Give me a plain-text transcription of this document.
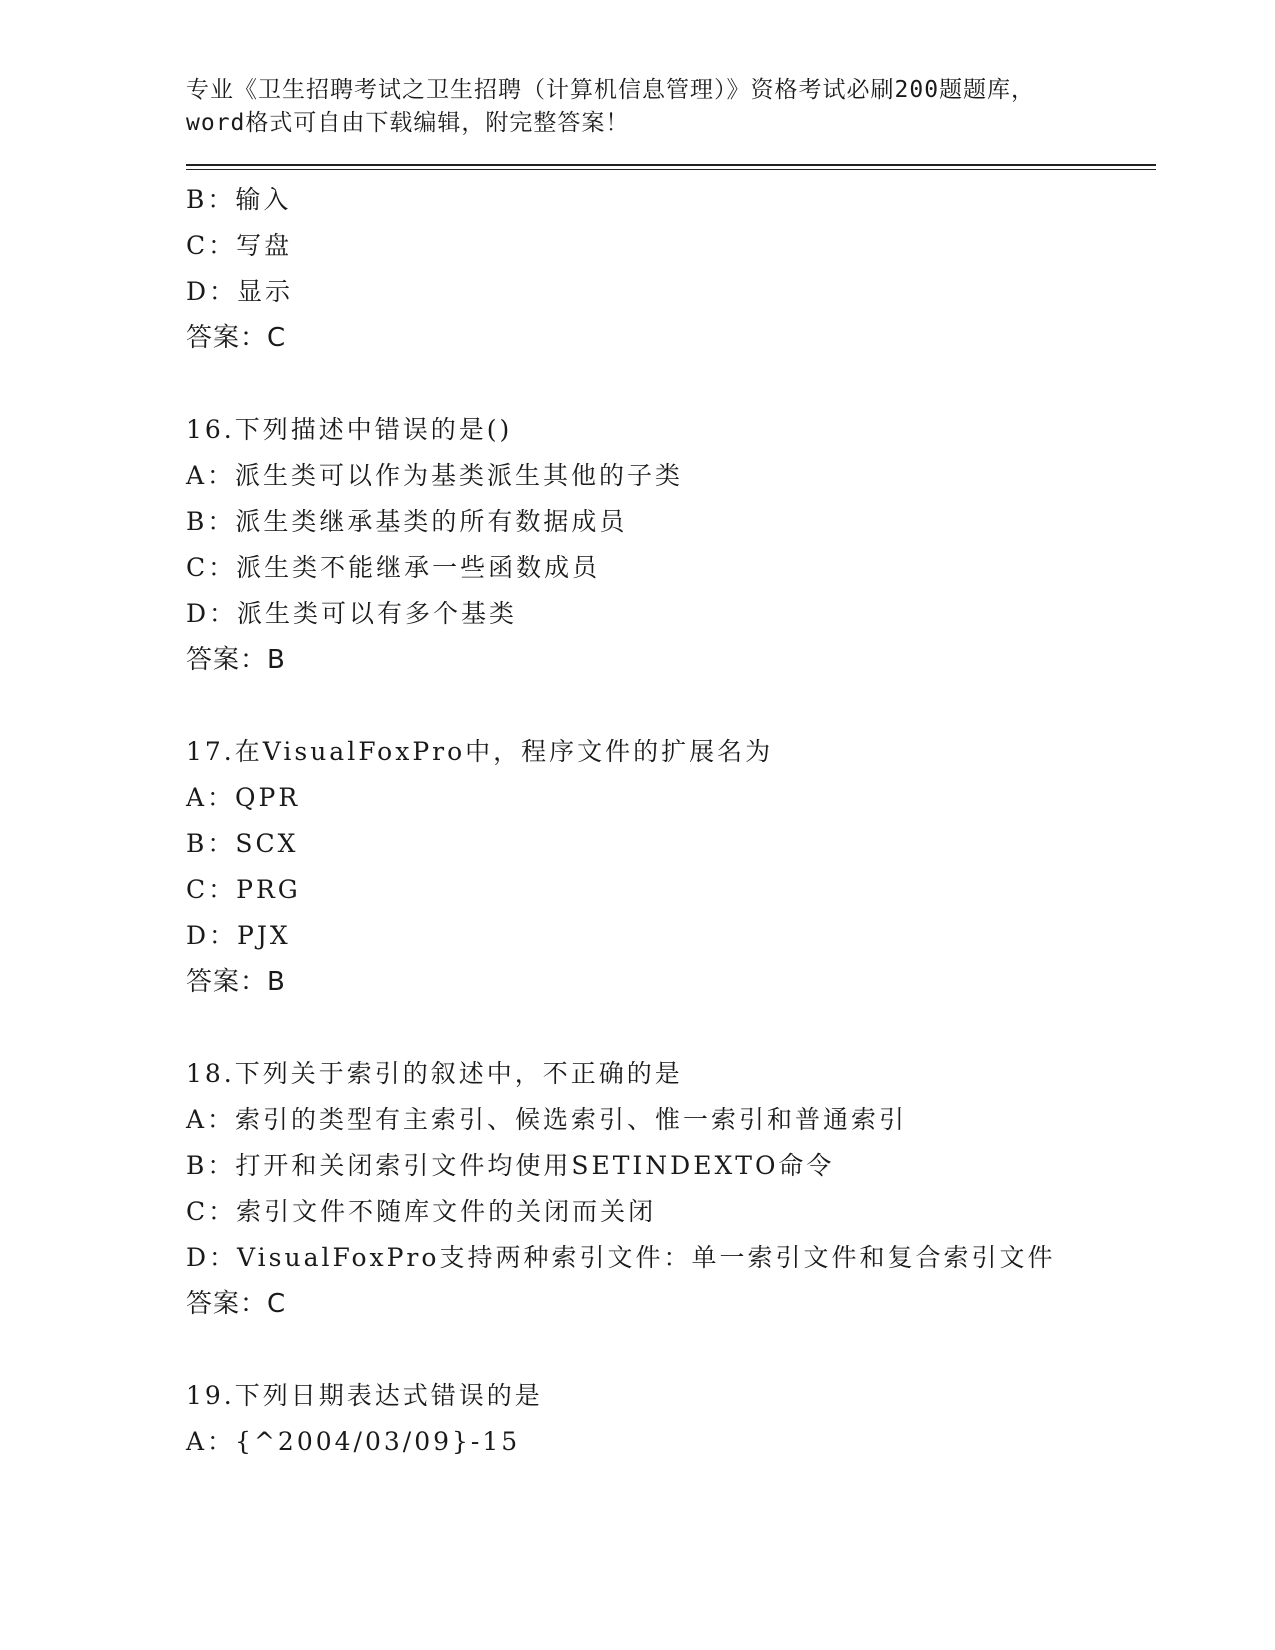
专业《卫生招聘考试之卫生招聘（计算机信息管理）》资格考试必刷200题题库，
word格式可自由下载编辑，附完整答案！
B：输入
C：写盘
D：显示
答案：C
16.下列描述中错误的是()
A：派生类可以作为基类派生其他的子类
B：派生类继承基类的所有数据成员
C：派生类不能继承一些函数成员
D：派生类可以有多个基类
答案：B
17.在VisualFoxPro中，程序文件的扩展名为
A：QPR
B：SCX
C：PRG
D：PJX
答案：B
18.下列关于索引的叙述中，不正确的是
A：索引的类型有主索引、候选索引、惟一索引和普通索引
B：打开和关闭索引文件均使用SETINDEXTO命令
C：索引文件不随库文件的关闭而关闭
D：VisualFoxPro支持两种索引文件：单一索引文件和复合索引文件
答案：C
19.下列日期表达式错误的是
A：{^2004/03/09}-15
